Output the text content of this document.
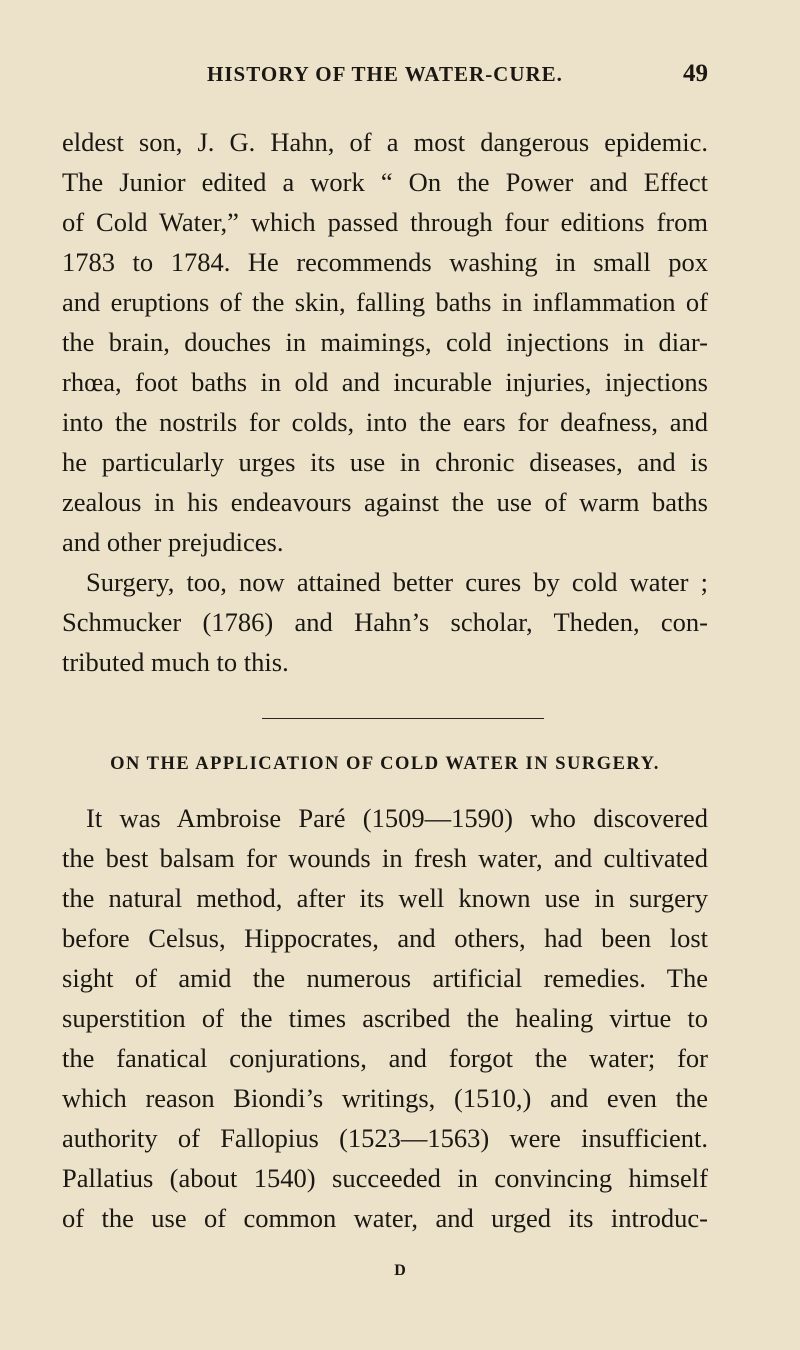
HISTORY OF THE WATER-CURE.	49
eldest son, J. G. Hahn, of a most dangerous epidemic.
The Junior edited a work “ On the Power and Effect
of Cold Water,” which passed through four editions from
1783 to 1784. He recommends washing in small pox
and eruptions of the skin, falling baths in inflammation of
the brain, douches in maimings, cold injections in diar-
rhœa, foot baths in old and incurable injuries, injections
into the nostrils for colds, into the ears for deafness, and
he particularly urges its use in chronic diseases, and is
zealous in his endeavours against the use of warm baths
and other prejudices.
Surgery, too, now attained better cures by cold water ;
Schmucker (1786) and Hahn’s scholar, Theden, con-
tributed much to this.
ON THE APPLICATION OF COLD WATER IN SURGERY.
It was Ambroise Paré (1509—1590) who discovered
the best balsam for wounds in fresh water, and cultivated
the natural method, after its well known use in surgery
before Celsus, Hippocrates, and others, had been lost
sight of amid the numerous artificial remedies. The
superstition of the times ascribed the healing virtue to
the fanatical conjurations, and forgot the water; for
which reason Biondi’s writings, (1510,) and even the
authority of Fallopius (1523—1563) were insufficient.
Pallatius (about 1540) succeeded in convincing himself
of the use of common water, and urged its introduc-
D
